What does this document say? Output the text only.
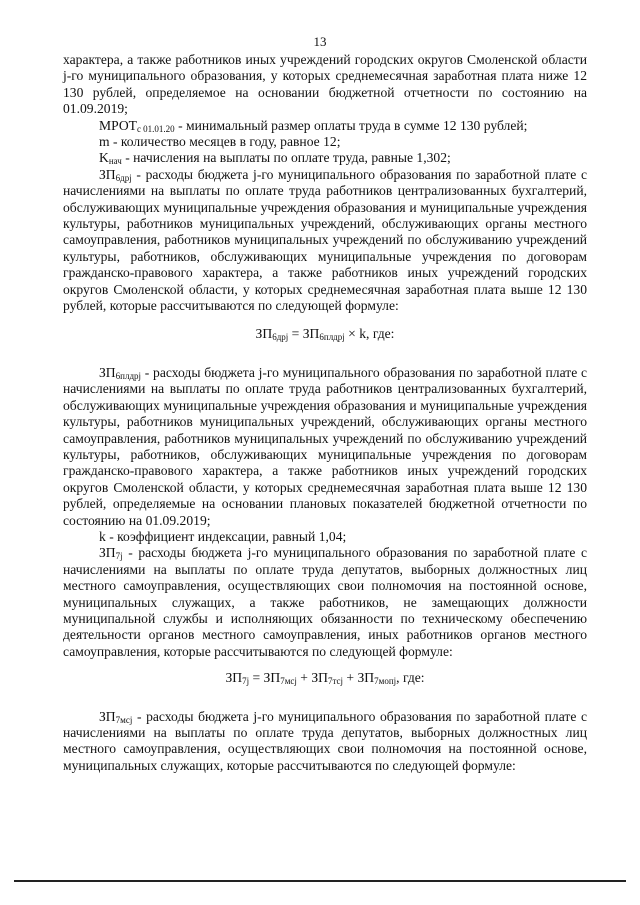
13

характера, а также работников иных учреждений городских округов Смоленской области j-го муниципального образования, у которых среднемесячная заработная плата ниже 12 130 рублей, определяемое на основании бюджетной отчетности по состоянию на 01.09.2019;

$МРОТ_{с 01.01.20}$ - минимальный размер оплаты труда в сумме 12 130 рублей;

m - количество месяцев в году, равное 12;

$K_{нач}$ - начисления на выплаты по оплате труда, равные 1,302;

$ЗП_{6дрj}$ - расходы бюджета j-го муниципального образования по заработной плате с начислениями на выплаты по оплате труда работников централизованных бухгалтерий, обслуживающих муниципальные учреждения образования и муниципальные учреждения культуры, работников муниципальных учреждений, обслуживающих органы местного самоуправления, работников муниципальных учреждений по обслуживанию учреждений культуры, работников, обслуживающих муниципальные учреждения по договорам гражданско-правового характера, а также работников иных учреждений городских округов Смоленской области, у которых среднемесячная заработная плата выше 12 130 рублей, которые рассчитываются по следующей формуле:

$ЗП_{6дрj} = ЗП_{6плдрj} \times k$, где:

$ЗП_{6плдрj}$ - расходы бюджета j-го муниципального образования по заработной плате с начислениями на выплаты по оплате труда работников централизованных бухгалтерий, обслуживающих муниципальные учреждения образования и муниципальные учреждения культуры, работников муниципальных учреждений, обслуживающих органы местного самоуправления, работников муниципальных учреждений по обслуживанию учреждений культуры, работников, обслуживающих муниципальные учреждения по договорам гражданско-правового характера, а также работников иных учреждений городских округов Смоленской области, у которых среднемесячная заработная плата выше 12 130 рублей, определяемые на основании плановых показателей бюджетной отчетности по состоянию на 01.09.2019;

k - коэффициент индексации, равный 1,04;

$ЗП_{7j}$ - расходы бюджета j-го муниципального образования по заработной плате с начислениями на выплаты по оплате труда депутатов, выборных должностных лиц местного самоуправления, осуществляющих свои полномочия на постоянной основе, муниципальных служащих, а также работников, не замещающих должности муниципальной службы и исполняющих обязанности по техническому обеспечению деятельности органов местного самоуправления, иных работников органов местного самоуправления, которые рассчитываются по следующей формуле:

$ЗП_{7j} = ЗП_{7мсj} + ЗП_{7тсj} + ЗП_{7мопj}$, где:

$ЗП_{7мсj}$ - расходы бюджета j-го муниципального образования по заработной плате с начислениями на выплаты по оплате труда депутатов, выборных должностных лиц местного самоуправления, осуществляющих свои полномочия на постоянной основе, муниципальных служащих, которые рассчитываются по следующей формуле:
